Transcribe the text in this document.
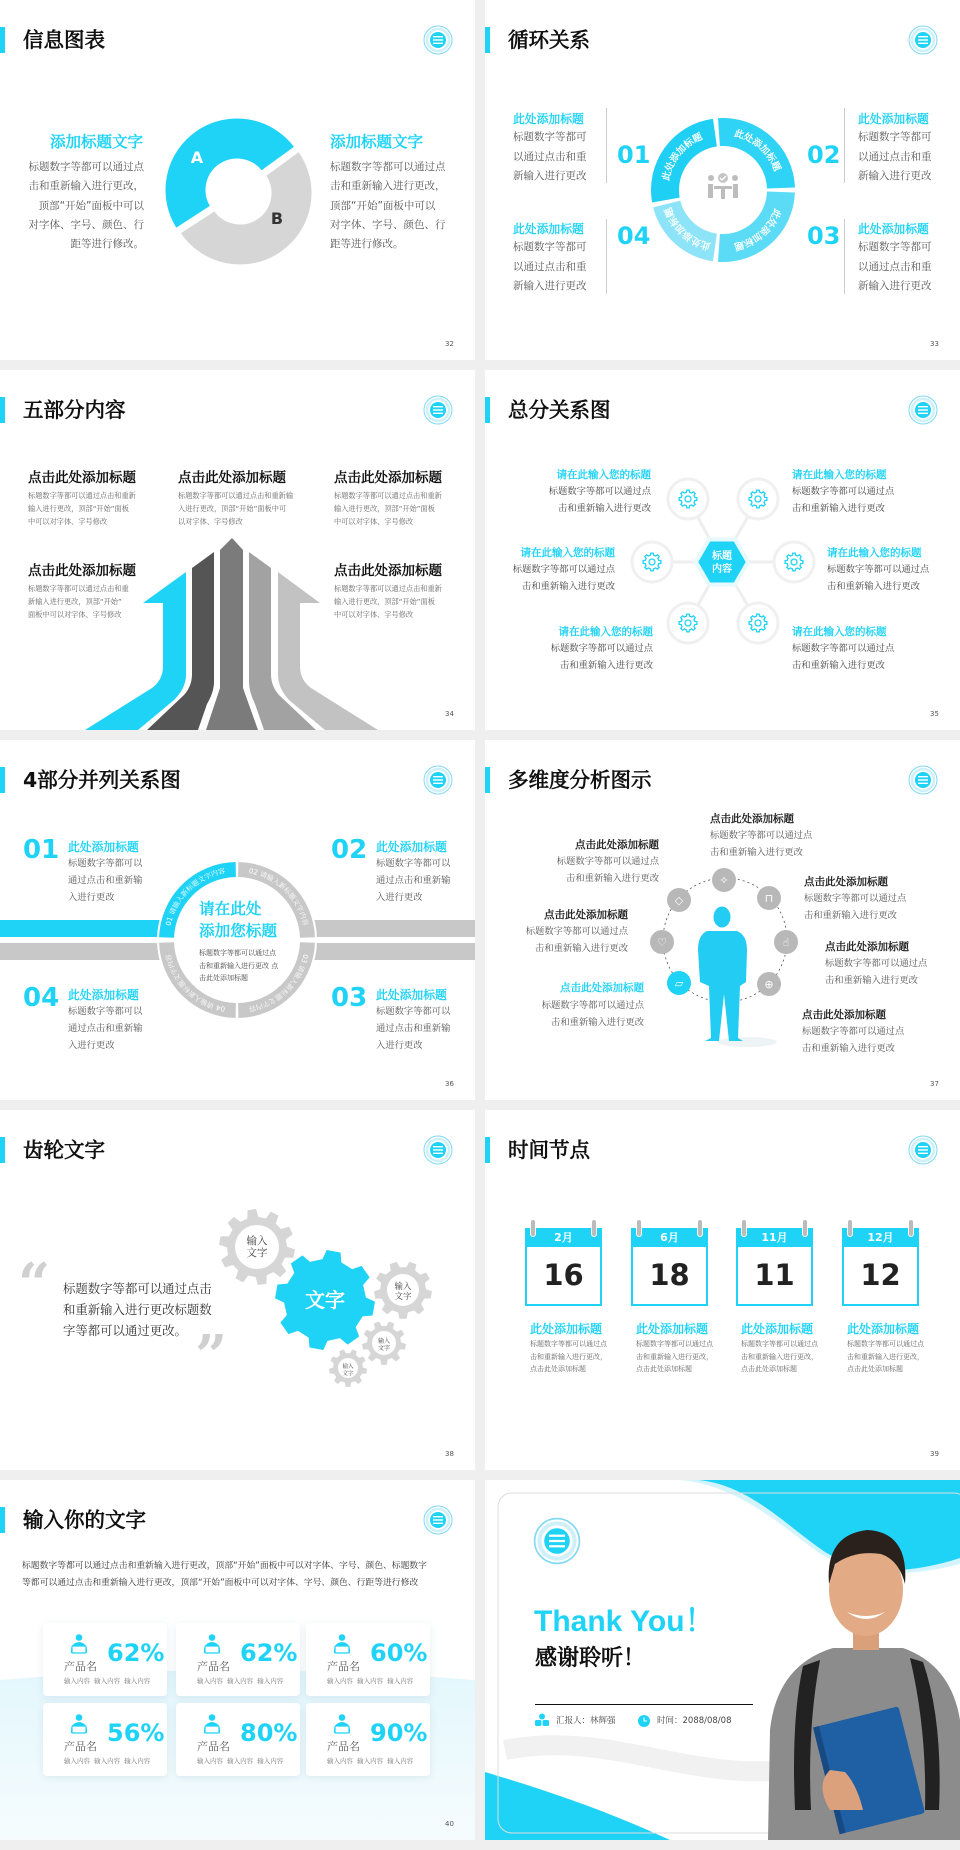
信息图表
A
B
添加标题文字
标题数字等都可以通过点
击和重新输入进行更改，
顶部“开始”面板中可以
对字体、字号、颜色、行
距等进行修改。
添加标题文字
标题数字等都可以通过点
击和重新输入进行更改，
顶部“开始”面板中可以
对字体、字号、颜色、行
距等进行修改。
32
循环关系
此处添加标题	此处添加标题
此处添加标题
此处添加标题
此处添加标题
标题数字等都可
以通过点击和重
新输入进行更改
01
此处添加标题
标题数字等都可
以通过点击和重
新输入进行更改
04
02
此处添加标题
标题数字等都可
以通过点击和重
新输入进行更改
03 此处添加标题
标题数字等都可
以通过点击和重
新输入进行更改
33
五部分内容
点击此处添加标题
标题数字等都可以通过点击和重新
输入进行更改，顶部“开始”面板
中可以对字体、字号修改
点击此处添加标题
标题数字等都可以通过点击和重新输
入进行更改，顶部“开始”面板中可
以对字体、字号修改
点击此处添加标题
标题数字等都可以通过点击和重新
输入进行更改，顶部“开始”面板
中可以对字体、字号修改
点击此处添加标题
标题数字等都可以通过点击和重
新输入进行更改，顶部“开始”
面板中可以对字体、字号修改
点击此处添加标题
标题数字等都可以通过点击和重新
输入进行更改，顶部“开始”面板
中可以对字体、字号修改
34
总分关系图
标题
内容
请在此输入您的标题
标题数字等都可以通过点
击和重新输入进行更改
请在此输入您的标题
标题数字等都可以通过点
击和重新输入进行更改
请在此输入您的标题
标题数字等都可以通过点
击和重新输入进行更改
请在此输入您的标题
标题数字等都可以通过点
击和重新输入进行更改
请在此输入您的标题
标题数字等都可以通过点
击和重新输入进行更改
请在此输入您的标题
标题数字等都可以通过点
击和重新输入进行更改
35
4部分并列关系图
01 请输入新标题文字内容	02 请输入新标题文字内容
03 请输入新标题文字内容
04 请输入新标题文字内容
请在此处
添加您标题
标题数字等都可以通过点
击和重新输入进行更改 点
击此处添加标题
01 此处添加标题
标题数字等都可以
通过点击和重新输
入进行更改
02 此处添加标题
标题数字等都可以
通过点击和重新输
入进行更改
04 此处添加标题
标题数字等都可以
通过点击和重新输
入进行更改
03 此处添加标题
标题数字等都可以
通过点击和重新输
入进行更改
36
多维度分析图示
✧
⊓
☝
⊕
▱
♡
◇
点击此处添加标题
标题数字等都可以通过点
击和重新输入进行更改
点击此处添加标题
标题数字等都可以通过点
击和重新输入进行更改
点击此处添加标题
标题数字等都可以通过点
击和重新输入进行更改
点击此处添加标题
标题数字等都可以通过点
击和重新输入进行更改
点击此处添加标题
标题数字等都可以通过点
击和重新输入进行更改
点击此处添加标题
标题数字等都可以通过点
击和重新输入进行更改
点击此处添加标题
标题数字等都可以通过点
击和重新输入进行更改
37
齿轮文字
“
”
标题数字等都可以通过点击
和重新输入进行更改标题数
字等都可以通过更改。
输入
文字
文字
输入
文字
输入
文字
输入
文字
38
时间节点
2月
16
此处添加标题
标题数字等都可以通过点
击和重新输入进行更改，
点击此处添加标题
6月
18
此处添加标题
标题数字等都可以通过点
击和重新输入进行更改，
点击此处添加标题
11月
11
此处添加标题
标题数字等都可以通过点
击和重新输入进行更改，
点击此处添加标题
12月
12
此处添加标题
标题数字等都可以通过点
击和重新输入进行更改，
点击此处添加标题
39
输入你的文字
标题数字等都可以通过点击和重新输入进行更改，顶部“开始”面板中可以对字体、字号、颜色、标题数字
等都可以通过点击和重新输入进行更改，顶部“开始”面板中可以对字体、字号、颜色、行距等进行修改
62%
产品名
输入内容  输入内容  输入内容
62%
产品名
输入内容  输入内容  输入内容
60%
产品名
输入内容  输入内容  输入内容
56%
产品名
输入内容  输入内容  输入内容
80%
产品名
输入内容  输入内容  输入内容
90%
产品名
输入内容  输入内容  输入内容
40
Thank You！
感谢聆听！
汇报人：林辉强	时间：2088/08/08
